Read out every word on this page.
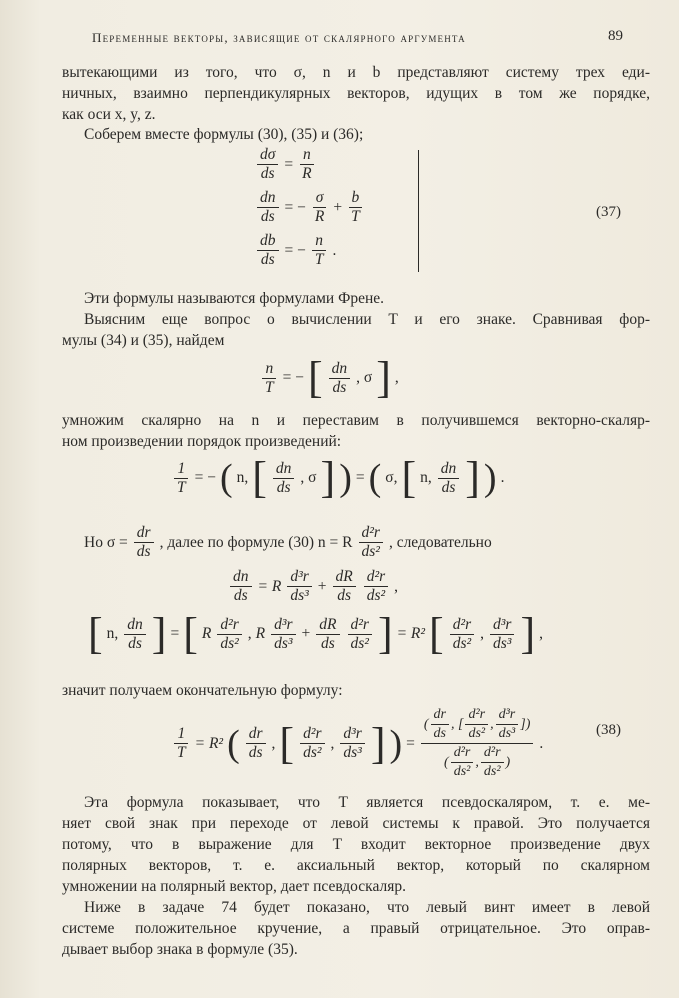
Переменные векторы, зависящие от скалярного аргумента	89
вытекающими из того, что σ, n и b представляют систему трех еди-
ничных, взаимно перпендикулярных векторов, идущих в том же порядке,
как оси x, y, z.
Соберем вместе формулы (30), (35) и (36);
$\frac{d\sigma}{ds} = \frac{n}{R}$
$\frac{dn}{ds}$ = − $\frac{\sigma}{R} + \frac{b}{T}$
$\frac{db}{ds}$ = − $\frac{n}{T}$ .
(37)
Эти формулы называются формулами Френе.
Выясним еще вопрос о вычислении T и его знаке. Сравнивая фор-
мулы (34) и (35), найдем
$\frac{n}{T}$ = − [ $\frac{dn}{ds}$ , σ ] ,
умножим скалярно на n и переставим в получившемся векторно-скаляр-
ном произведении порядок произведений:
$\frac{1}{T}$ = − ( n, [ $\frac{dn}{ds}$ , σ ] ) = ( σ, [ n, $\frac{dn}{ds}$ ] ) .
Но $\sigma = \frac{dr}{ds}$ , далее по формуле (30) n = R $\frac{\text{d²r}}{\text{ds²}}$ , следовательно
$\frac{dn}{ds} = R \frac{\text{d³r}}{\text{ds³}} + \frac{dR}{ds} \frac{\text{d²r}}{\text{ds²}}$ ,
[ n, $\frac{dn}{ds}$ ] = [ R $\frac{\text{d²r}}{\text{ds²}}$ , R $\frac{\text{d³r}}{\text{ds³}} + \frac{dR}{ds} \frac{\text{d²r}}{\text{ds²}}$ ] = R² [ $\frac{\text{d²r}}{\text{ds²}}$ , $\frac{\text{d³r}}{\text{ds³}}$ ] ,
значит получаем окончательную формулу:
$\frac{1}{T} = R^2$ ( $\frac{dr}{ds}$ , [ $\frac{\text{d²r}}{\text{ds²}}$ , $\frac{\text{d³r}}{\text{ds³}}$ ] ) =
( $\frac{dr}{ds}$ , [ $\frac{\text{d²r}}{\text{ds²}}$ , $\frac{\text{d³r}}{\text{ds³}}$ ])
( $\frac{\text{d²r}}{\text{ds²}}$ , $\frac{\text{d²r}}{\text{ds²}}$ )
.
(38)
Эта формула показывает, что T является псевдоскаляром, т. е. ме-
няет свой знак при переходе от левой системы к правой. Это получается
потому, что в выражение для T входит векторное произведение двух
полярных векторов, т. е. аксиальный вектор, который по скалярном
умножении на полярный вектор, дает псевдоскаляр.
Ниже в задаче 74 будет показано, что левый винт имеет в левой
системе положительное кручение, а правый отрицательное. Это оправ-
дывает выбор знака в формуле (35).
